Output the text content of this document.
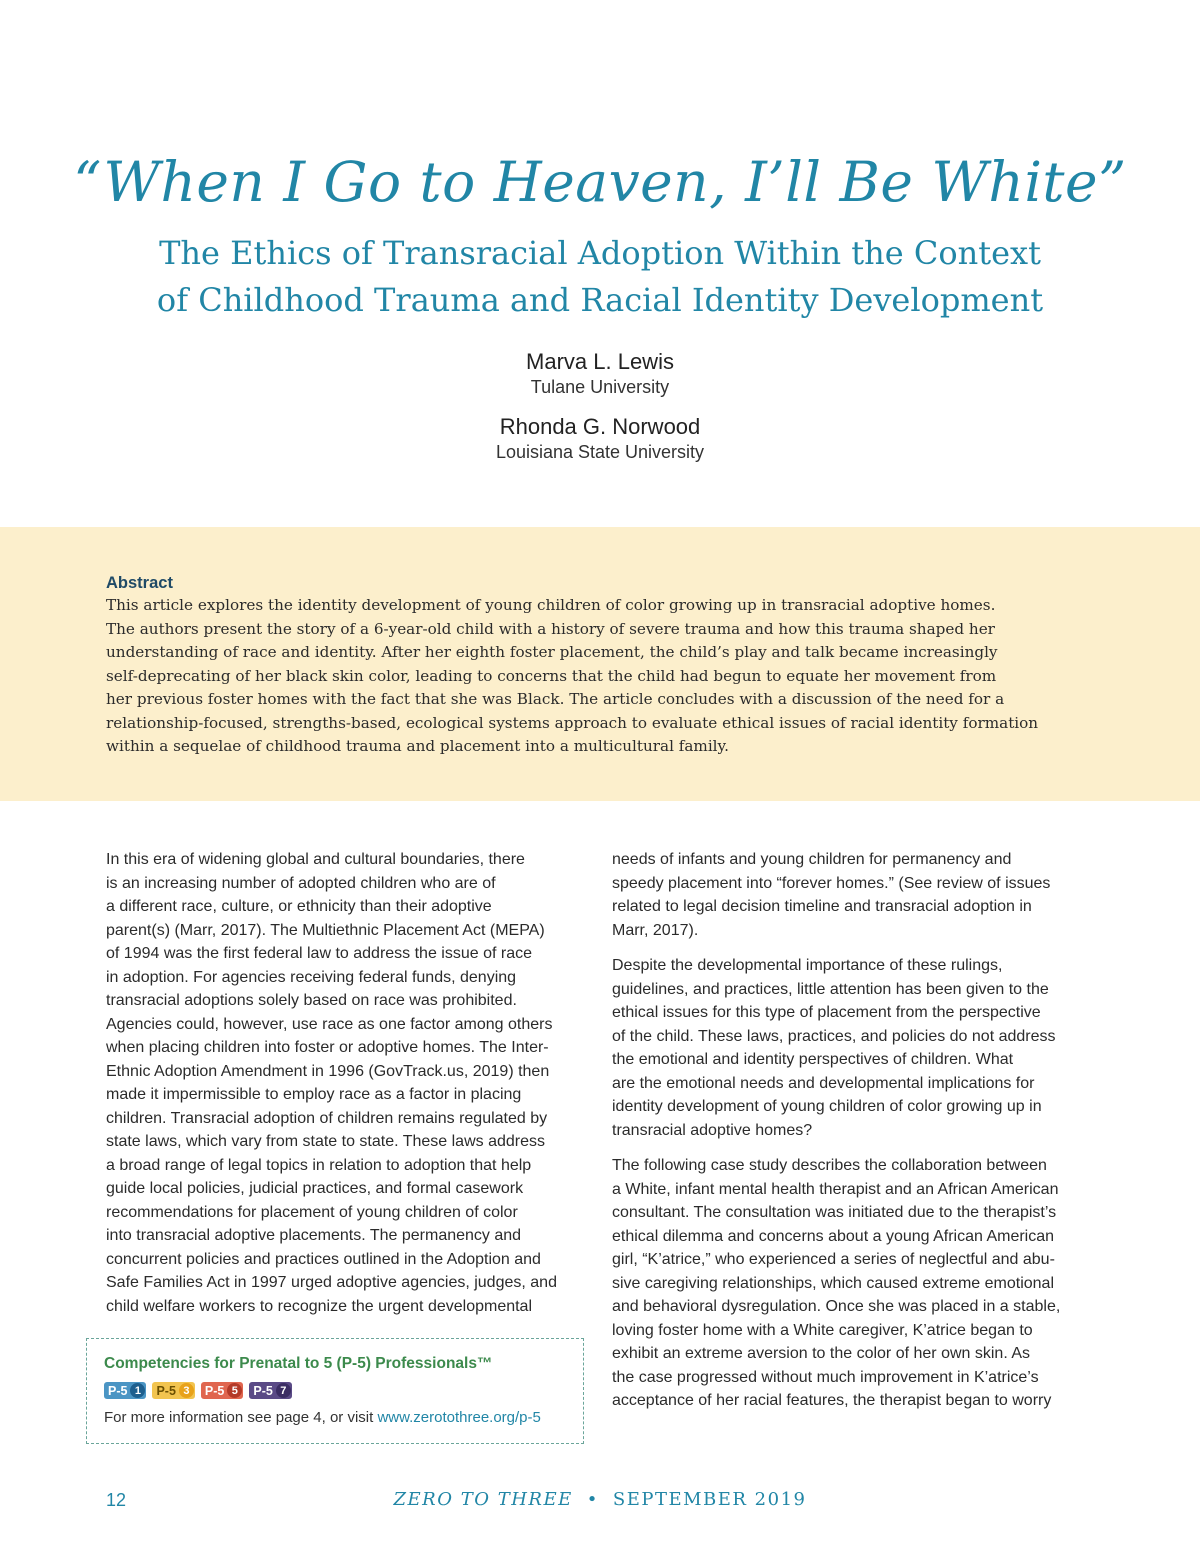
“When I Go to Heaven, I’ll Be White”
The Ethics of Transracial Adoption Within the Context
of Childhood Trauma and Racial Identity Development
Marva L. Lewis
Tulane University
Rhonda G. Norwood
Louisiana State University
Abstract
This article explores the identity development of young children of color growing up in transracial adoptive homes.
The authors present the story of a 6-year-old child with a history of severe trauma and how this trauma shaped her
understanding of race and identity. After her eighth foster placement, the child’s play and talk became increasingly
self-deprecating of her black skin color, leading to concerns that the child had begun to equate her movement from
her previous foster homes with the fact that she was Black. The article concludes with a discussion of the need for a
relationship-focused, strengths-based, ecological systems approach to evaluate ethical issues of racial identity formation
within a sequelae of childhood trauma and placement into a multicultural family.

In this era of widening global and cultural boundaries, there
is an increasing number of adopted children who are of
a different race, culture, or ethnicity than their adoptive
parent(s) (Marr, 2017). The Multiethnic Placement Act (MEPA)
of 1994 was the first federal law to address the issue of race
in adoption. For agencies receiving federal funds, denying
transracial adoptions solely based on race was prohibited.
Agencies could, however, use race as one factor among others
when placing children into foster or adoptive homes. The Inter-
Ethnic Adoption Amendment in 1996 (GovTrack.us, 2019) then
made it impermissible to employ race as a factor in placing
children. Transracial adoption of children remains regulated by
state laws, which vary from state to state. These laws address
a broad range of legal topics in relation to adoption that help
guide local policies, judicial practices, and formal casework
recommendations for placement of young children of color
into transracial adoptive placements. The permanency and
concurrent policies and practices outlined in the Adoption and
Safe Families Act in 1997 urged adoptive agencies, judges, and
child welfare workers to recognize the urgent developmental

needs of infants and young children for permanency and
speedy placement into “forever homes.” (See review of issues
related to legal decision timeline and transracial adoption in
Marr, 2017).

Despite the developmental importance of these rulings,
guidelines, and practices, little attention has been given to the
ethical issues for this type of placement from the perspective
of the child. These laws, practices, and policies do not address
the emotional and identity perspectives of children. What
are the emotional needs and developmental implications for
identity development of young children of color growing up in
transracial adoptive homes?

The following case study describes the collaboration between
a White, infant mental health therapist and an African American
consultant. The consultation was initiated due to the therapist’s
ethical dilemma and concerns about a young African American
girl, “K’atrice,” who experienced a series of neglectful and abu-
sive caregiving relationships, which caused extreme emotional
and behavioral dysregulation. Once she was placed in a stable,
loving foster home with a White caregiver, K’atrice began to
exhibit an extreme aversion to the color of her own skin. As
the case progressed without much improvement in K’atrice’s
acceptance of her racial features, the therapist began to worry

Competencies for Prenatal to 5 (P-5) Professionals™
P-5 1	P-5 3	P-5 5	P-5 7
For more information see page 4, or visit www.zerotothree.org/p-5
12	ZERO TO THREE • SEPTEMBER 2019
